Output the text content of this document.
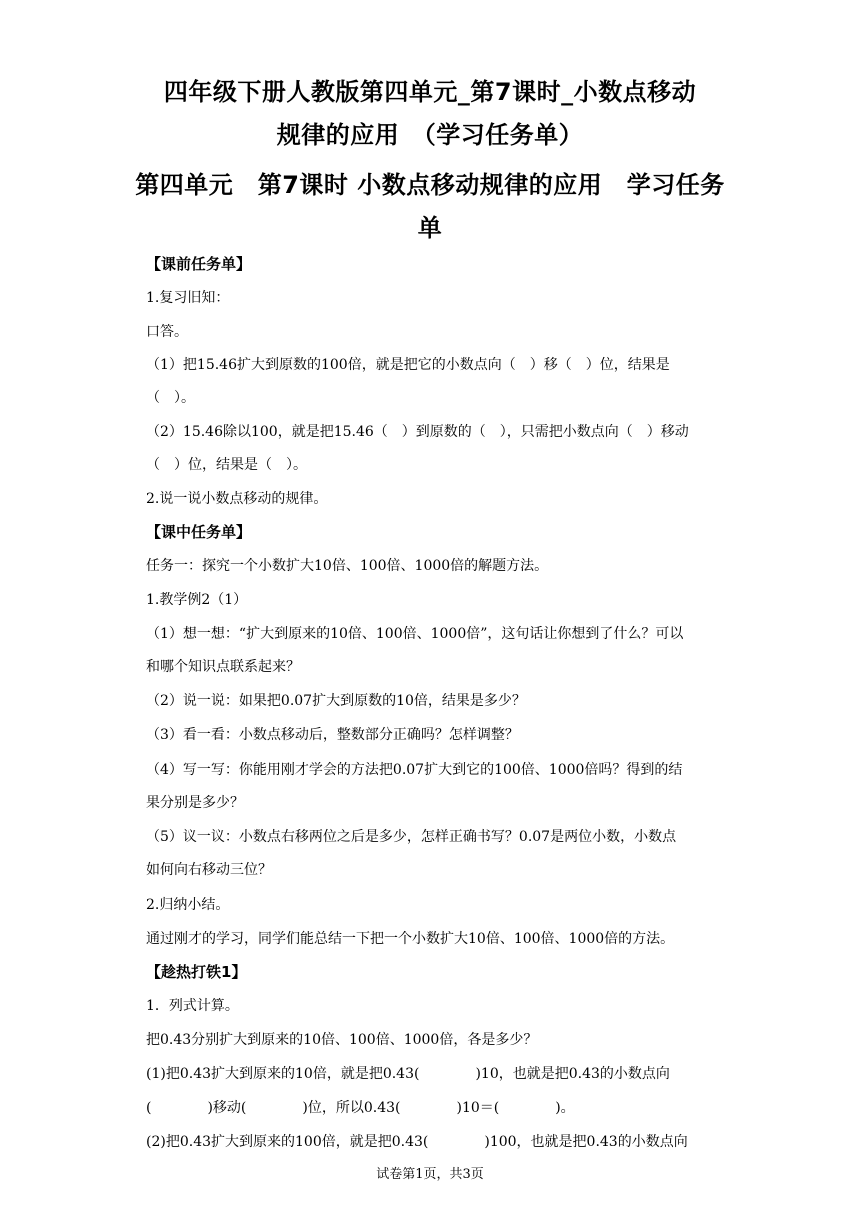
四年级下册人教版第四单元_第7课时_小数点移动
规律的应用　（学习任务单）
第四单元　第7课时 小数点移动规律的应用　学习任务
单
【课前任务单】
1.复习旧知：
口答。
（1）把15.46扩大到原数的100倍，就是把它的小数点向（　）移（　）位，结果是
（　）。
（2）15.46除以100，就是把15.46（　）到原数的（　），只需把小数点向（　）移动
（　）位，结果是（　）。
2.说一说小数点移动的规律。
【课中任务单】
任务一：探究一个小数扩大10倍、100倍、1000倍的解题方法。
1.教学例2（1）
（1）想一想：“扩大到原来的10倍、100倍、1000倍”，这句话让你想到了什么？可以
和哪个知识点联系起来？
（2）说一说：如果把0.07扩大到原数的10倍，结果是多少？
（3）看一看：小数点移动后，整数部分正确吗？怎样调整？
（4）写一写：你能用刚才学会的方法把0.07扩大到它的100倍、1000倍吗？得到的结
果分别是多少？
（5）议一议：小数点右移两位之后是多少，怎样正确书写？0.07是两位小数，小数点
如何向右移动三位？
2.归纳小结。
通过刚才的学习，同学们能总结一下把一个小数扩大10倍、100倍、1000倍的方法。
【趁热打铁1】
1．列式计算。
把0.43分别扩大到原来的10倍、100倍、1000倍，各是多少？
(1)把0.43扩大到原来的10倍，就是把0.43(　　　　)10，也就是把0.43的小数点向
(　　　　)移动(　　　　)位，所以0.43(　　　　)10＝(　　　　)。
(2)把0.43扩大到原来的100倍，就是把0.43(　　　　)100，也就是把0.43的小数点向
试卷第1页，共3页
